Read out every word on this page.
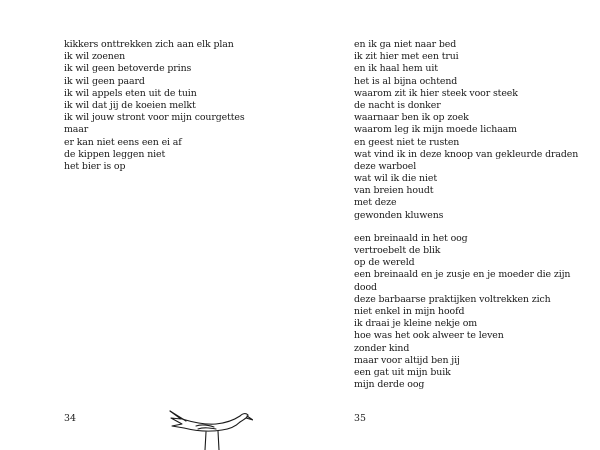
kikkers onttrekken zich aan elk plan
ik wil zoenen
ik wil geen betoverde prins
ik wil geen paard
ik wil appels eten uit de tuin
ik wil dat jij de koeien melkt
ik wil jouw stront voor mijn courgettes
maar
er kan niet eens een ei af
de kippen leggen niet
het bier is op
34
en ik ga niet naar bed
ik zit hier met een trui
en ik haal hem uit
het is al bijna ochtend
waarom zit ik hier steek voor steek
de nacht is donker
waarnaar ben ik op zoek
waarom leg ik mijn moede lichaam
en geest niet te rusten
wat vind ik in deze knoop van gekleurde draden
deze warboel
wat wil ik die niet
van breien houdt
met deze
gewonden kluwens
een breinaald in het oog
vertroebelt de blik
op de wereld
een breinaald en je zusje en je moeder die zijn
dood
deze barbaarse praktijken voltrekken zich
niet enkel in mijn hoofd
ik draai je kleine nekje om
hoe was het ook alweer te leven
zonder kind
maar voor altijd ben jij
een gat uit mijn buik
mijn derde oog
35
